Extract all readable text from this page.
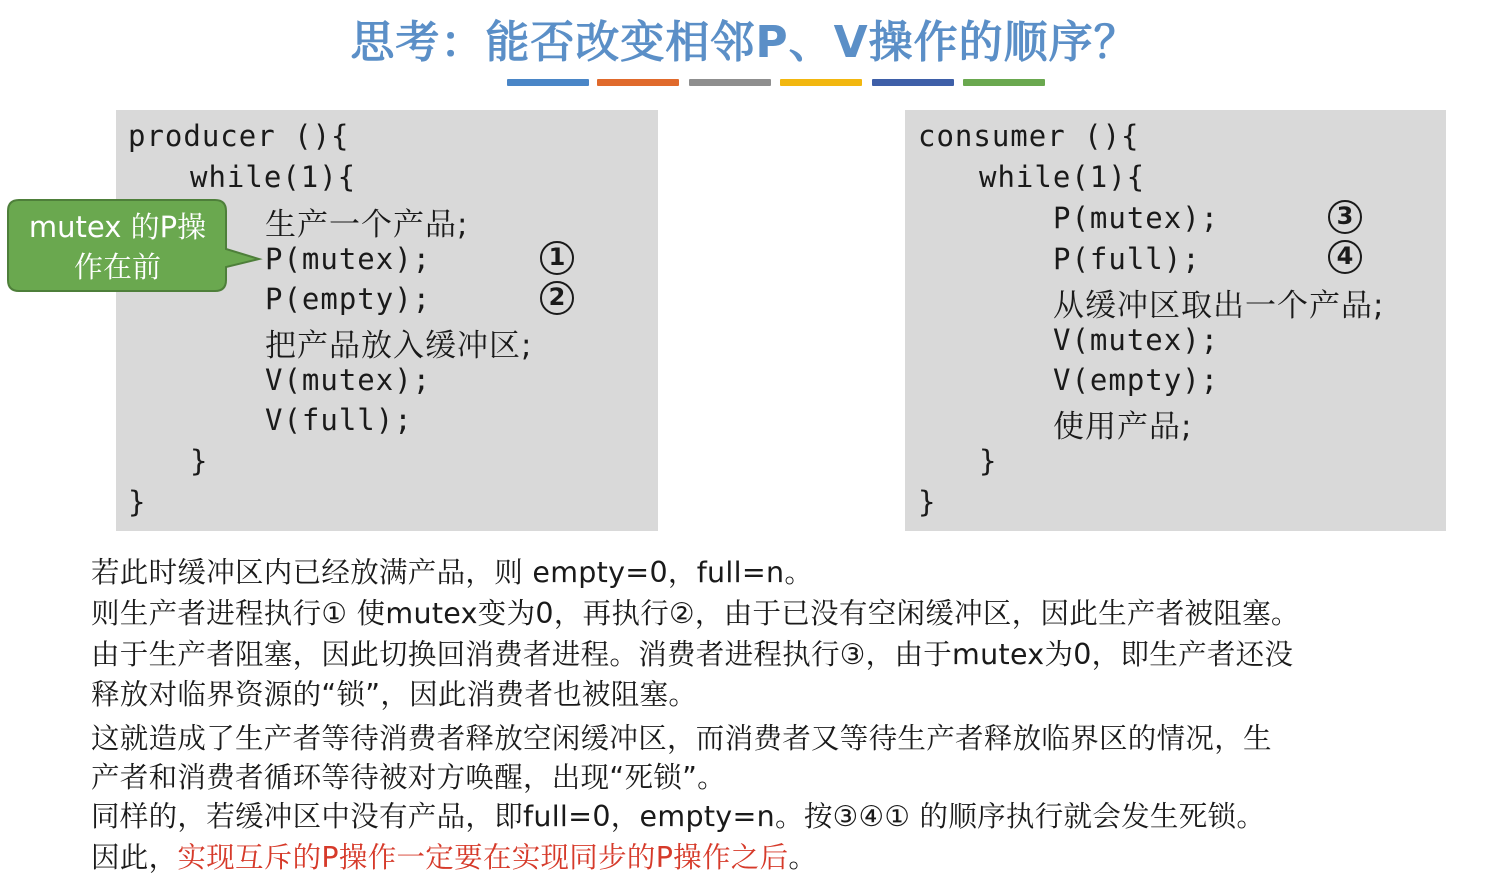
思考：能否改变相邻P、V操作的顺序？
producer (){
while(1){
生产一个产品;
P(mutex);
P(empty);
把产品放入缓冲区;
V(mutex);
V(full);
}
}
1
2
consumer (){
while(1){
P(mutex);
P(full);
从缓冲区取出一个产品;
V(mutex);
V(empty);
使用产品;
}
}
3
4
mutex 的P操
作在前
若此时缓冲区内已经放满产品，则 empty=0，full=n。
则生产者进程执行① 使mutex变为0，再执行②，由于已没有空闲缓冲区，因此生产者被阻塞。
由于生产者阻塞，因此切换回消费者进程。消费者进程执行③，由于mutex为0，即生产者还没
释放对临界资源的“锁”，因此消费者也被阻塞。
这就造成了生产者等待消费者释放空闲缓冲区，而消费者又等待生产者释放临界区的情况，生
产者和消费者循环等待被对方唤醒，出现“死锁”。
同样的，若缓冲区中没有产品，即full=0，empty=n。按③④① 的顺序执行就会发生死锁。
因此，实现互斥的P操作一定要在实现同步的P操作之后。
